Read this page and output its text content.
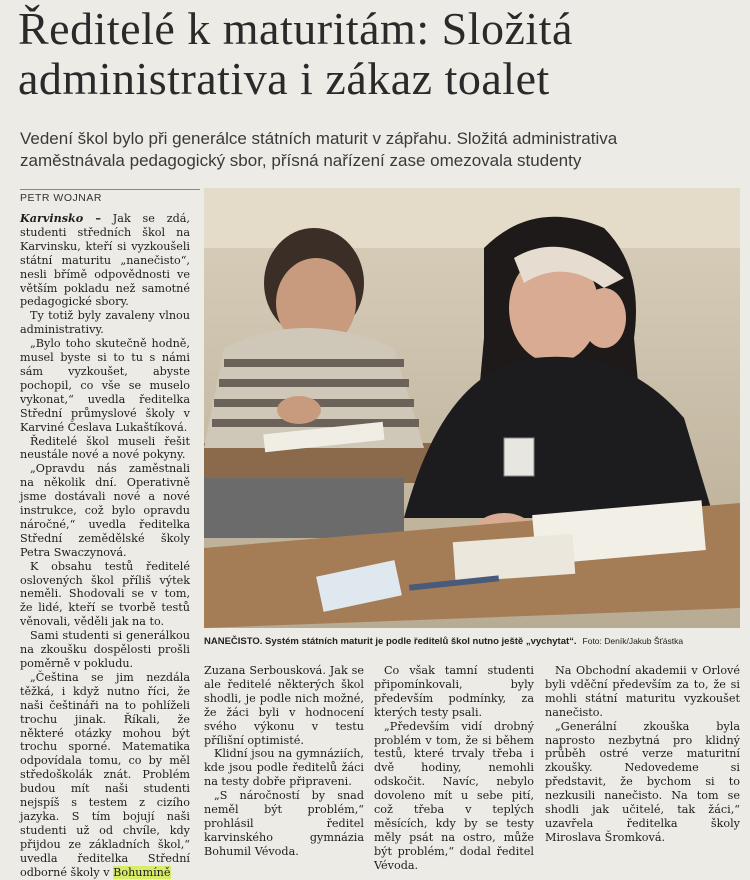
Ředitelé k maturitám: Složitá administrativa i zákaz toalet
Vedení škol bylo při generálce státních maturit v zápřahu. Složitá administrativa zaměstnávala pedagogický sbor, přísná nařízení zase omezovala studenty
PETR WOJNAR

Karvinsko – Jak se zdá, studenti středních škol na Karvinsku, kteří si vyzkoušeli státní maturitu „nanečisto“, nesli břímě odpovědnosti ve větším pokladu než samotné pedagogické sbory.

Ty totiž byly zavaleny vlnou administrativy.

„Bylo toho skutečně hodně, musel byste si to tu s námi sám vyzkoušet, abyste pochopil, co vše se muselo vykonat,“ uvedla ředitelka Střední průmyslové školy v Karviné Česlava Lukaštíková.

Ředitelé škol museli řešit neustále nové a nové pokyny.

„Opravdu nás zaměstnali na několik dní. Operativně jsme dostávali nové a nové instrukce, což bylo opravdu náročné,“ uvedla ředitelka Střední zemědělské školy Petra Swaczynová.

K obsahu testů ředitelé oslovených škol příliš výtek neměli. Shodovali se v tom, že lidé, kteří se tvorbě testů věnovali, věděli jak na to.

Sami studenti si generálkou na zkoušku dospělosti prošli poměrně v pokludu.

„Čeština se jim nezdála těžká, i když nutno říci, že naši češtináři na to pohlíželi trochu jinak. Říkali, že některé otázky mohou být trochu sporné. Matematika odpovídala tomu, co by měl středoškolák znát. Problém budou mít naši studenti nejspíš s testem z cizího jazyka. S tím bojují naši studenti už od chvíle, kdy přijdou ze základních škol,“ uvedla ředitelka Střední odborné školy v Bohumíně

NANEČISTO. Systém státních maturit je podle ředitelů škol nutno ještě „vychytat“. Foto: Deník/Jakub Šťástka

Zuzana Serbousková. Jak se ale ředitelé některých škol shodli, je podle nich možné, že žáci byli v hodnocení svého výkonu v testu přílišní optimisté.

Klidní jsou na gymnáziích, kde jsou podle ředitelů žáci na testy dobře připraveni.

„S náročností by snad neměl být problém,“ prohlásil ředitel karvinského gymnázia Bohumil Vévoda.

Co však tamní studenti připomínkovali, byly především podmínky, za kterých testy psali.

„Především vidí drobný problém v tom, že si během testů, které trvaly třeba i dvě hodiny, nemohli odskočit. Navíc, nebylo dovoleno mít u sebe pití, což třeba v teplých měsících, kdy by se testy měly psát na ostro, může být problém,“ dodal ředitel Vévoda.

Na Obchodní akademii v Orlové byli vděční především za to, že si mohli státní maturitu vyzkoušet nanečisto.

„Generální zkouška byla naprosto nezbytná pro klidný průběh ostré verze maturitní zkoušky. Nedovedeme si představit, že bychom si to nezkusili nanečisto. Na tom se shodli jak učitelé, tak žáci,“ uzavřela ředitelka školy Miroslava Šromková.
